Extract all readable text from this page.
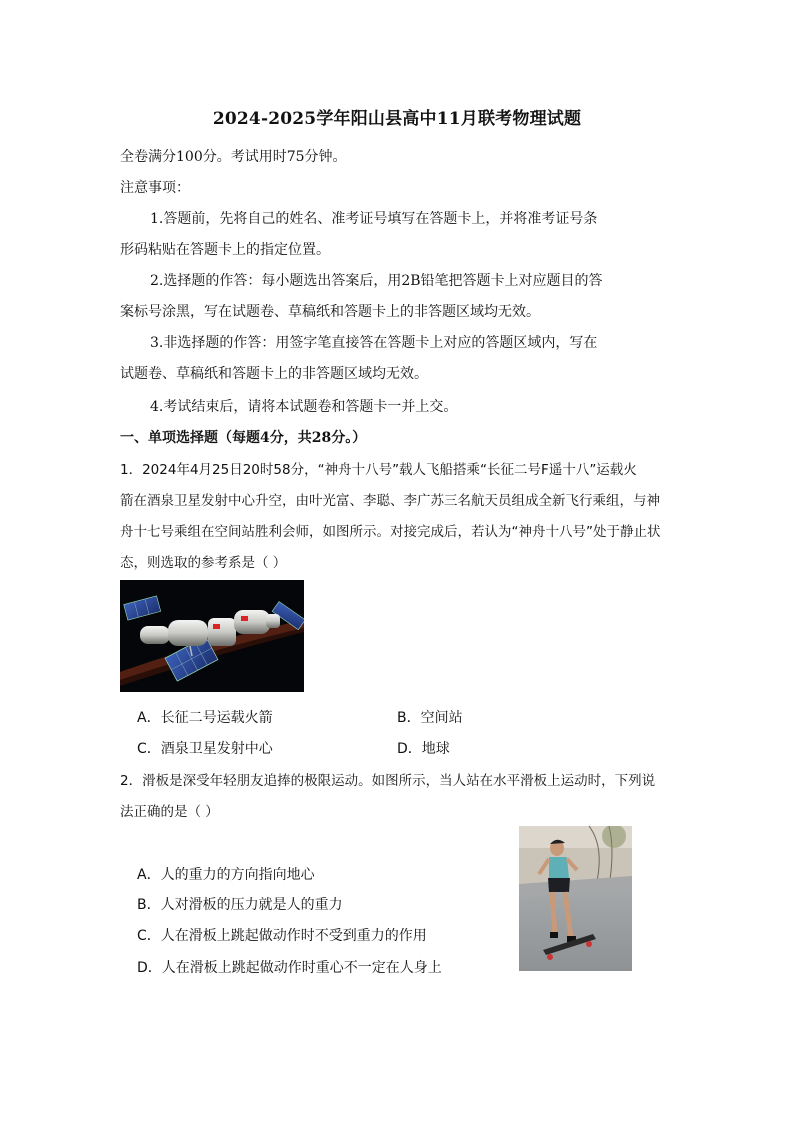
2024-2025学年阳山县高中11月联考物理试题
全卷满分100分。考试用时75分钟。
注意事项：
1.答题前，先将自己的姓名、准考证号填写在答题卡上，并将准考证号条
形码粘贴在答题卡上的指定位置。
2.选择题的作答：每小题选出答案后，用2B铅笔把答题卡上对应题目的答
案标号涂黑，写在试题卷、草稿纸和答题卡上的非答题区域均无效。
3.非选择题的作答：用签字笔直接答在答题卡上对应的答题区域内，写在
试题卷、草稿纸和答题卡上的非答题区域均无效。
4.考试结束后，请将本试题卷和答题卡一并上交。
一、单项选择题（每题4分，共28分。）
1．2024年4月25日20时58分，“神舟十八号”载人飞船搭乘“长征二号F遥十八”运载火
箭在酒泉卫星发射中心升空，由叶光富、李聪、李广苏三名航天员组成全新飞行乘组，与神
舟十七号乘组在空间站胜利会师，如图所示。对接完成后，若认为“神舟十八号”处于静止状
态，则选取的参考系是（ ）
A．长征二号运载火箭	B．空间站
C．酒泉卫星发射中心	D．地球
2．滑板是深受年轻朋友追捧的极限运动。如图所示，当人站在水平滑板上运动时，下列说
法正确的是（ ）
A．人的重力的方向指向地心
B．人对滑板的压力就是人的重力
C．人在滑板上跳起做动作时不受到重力的作用
D．人在滑板上跳起做动作时重心不一定在人身上
